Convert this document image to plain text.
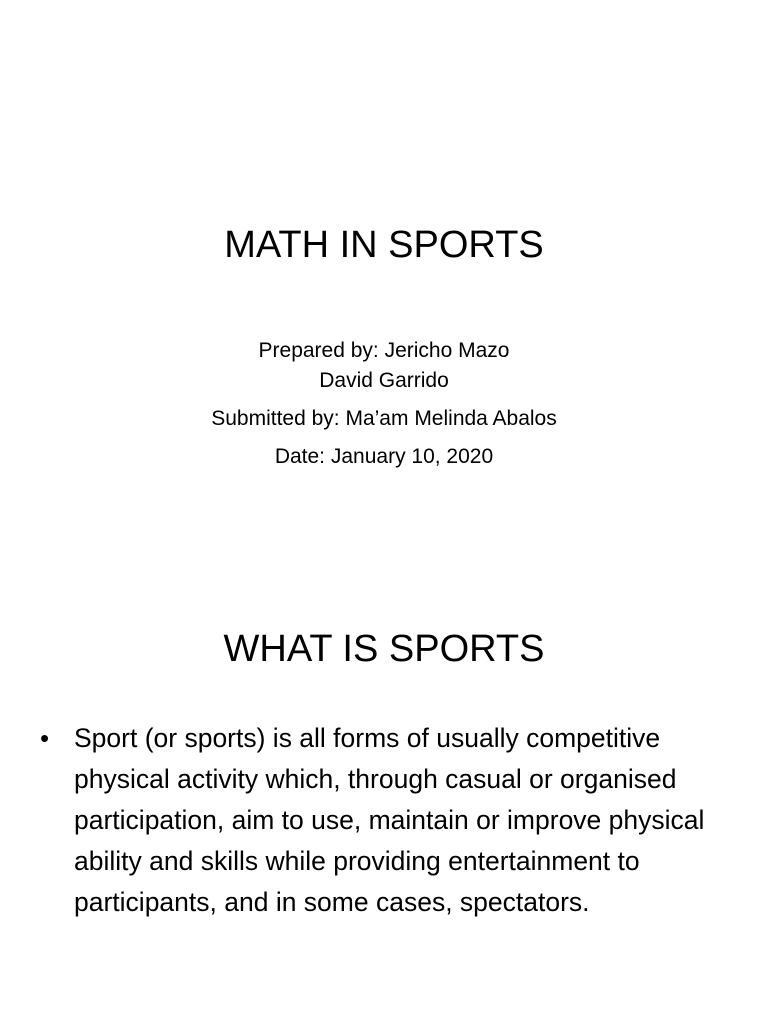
MATH IN SPORTS
Prepared by: Jericho Mazo
David Garrido
Submitted by: Ma’am Melinda Abalos
Date: January 10, 2020
WHAT IS SPORTS
• Sport (or sports) is all forms of usually competitive physical activity which, through casual or organised participation, aim to use, maintain or improve physical ability and skills while providing entertainment to participants, and in some cases, spectators.
